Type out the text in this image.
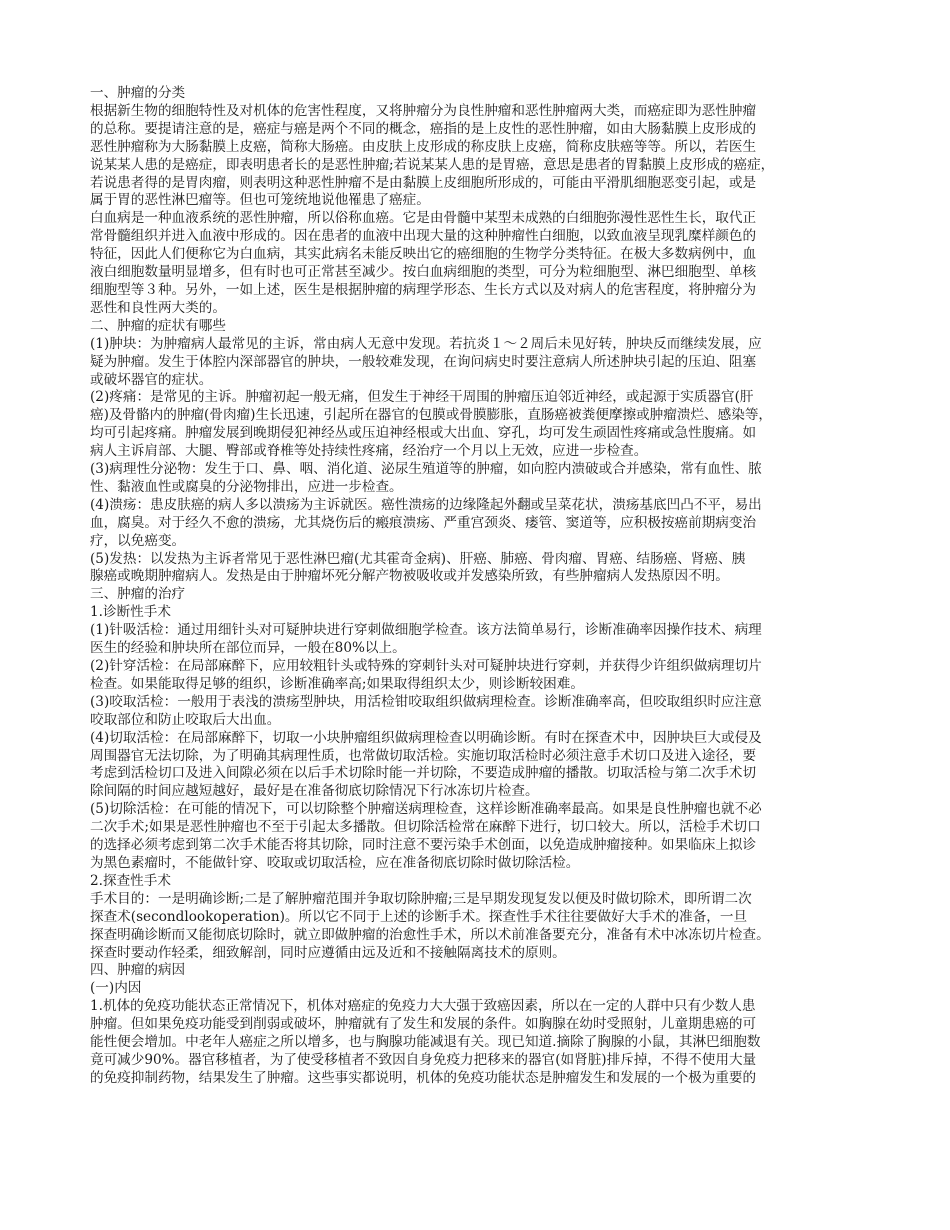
一、肿瘤的分类
根据新生物的细胞特性及对机体的危害性程度，又将肿瘤分为良性肿瘤和恶性肿瘤两大类，而癌症即为恶性肿瘤
的总称。要提请注意的是，癌症与癌是两个不同的概念，癌指的是上皮性的恶性肿瘤，如由大肠黏膜上皮形成的
恶性肿瘤称为大肠黏膜上皮癌，简称大肠癌。由皮肤上皮形成的称皮肤上皮癌，简称皮肤癌等等。所以，若医生
说某某人患的是癌症，即表明患者长的是恶性肿瘤;若说某某人患的是胃癌，意思是患者的胃黏膜上皮形成的癌症，
若说患者得的是胃肉瘤，则表明这种恶性肿瘤不是由黏膜上皮细胞所形成的，可能由平滑肌细胞恶变引起，或是
属于胃的恶性淋巴瘤等。但也可笼统地说他罹患了癌症。
白血病是一种血液系统的恶性肿瘤，所以俗称血癌。它是由骨髓中某型未成熟的白细胞弥漫性恶性生长，取代正
常骨髓组织并进入血液中形成的。因在患者的血液中出现大量的这种肿瘤性白细胞，以致血液呈现乳糜样颜色的
特征，因此人们便称它为白血病，其实此病名未能反映出它的癌细胞的生物学分类特征。在极大多数病例中，血
液白细胞数量明显增多，但有时也可正常甚至减少。按白血病细胞的类型，可分为粒细胞型、淋巴细胞型、单核
细胞型等３种。另外，一如上述，医生是根据肿瘤的病理学形态、生长方式以及对病人的危害程度，将肿瘤分为
恶性和良性两大类的。
二、肿瘤的症状有哪些
(1)肿块：为肿瘤病人最常见的主诉，常由病人无意中发现。若抗炎１～２周后未见好转，肿块反而继续发展，应
疑为肿瘤。发生于体腔内深部器官的肿块，一般较难发现，在询问病史时要注意病人所述肿块引起的压迫、阻塞
或破坏器官的症状。
(2)疼痛：是常见的主诉。肿瘤初起一般无痛，但发生于神经干周围的肿瘤压迫邻近神经，或起源于实质器官(肝
癌)及骨骼内的肿瘤(骨肉瘤)生长迅速，引起所在器官的包膜或骨膜膨胀，直肠癌被粪便摩擦或肿瘤溃烂、感染等，
均可引起疼痛。肿瘤发展到晚期侵犯神经丛或压迫神经根或大出血、穿孔，均可发生顽固性疼痛或急性腹痛。如
病人主诉肩部、大腿、臀部或脊椎等处持续性疼痛，经治疗一个月以上无效，应进一步检查。
(3)病理性分泌物：发生于口、鼻、咽、消化道、泌尿生殖道等的肿瘤，如向腔内溃破或合并感染，常有血性、脓
性、黏液血性或腐臭的分泌物排出，应进一步检查。
(4)溃疡：患皮肤癌的病人多以溃疡为主诉就医。癌性溃疡的边缘隆起外翻或呈菜花状，溃疡基底凹凸不平，易出
血，腐臭。对于经久不愈的溃疡，尤其烧伤后的瘢痕溃疡、严重宫颈炎、瘘管、窦道等，应积极按癌前期病变治
疗，以免癌变。
(5)发热：以发热为主诉者常见于恶性淋巴瘤(尤其霍奇金病)、肝癌、肺癌、骨肉瘤、胃癌、结肠癌、肾癌、胰
腺癌或晚期肿瘤病人。发热是由于肿瘤坏死分解产物被吸收或并发感染所致，有些肿瘤病人发热原因不明。
三、肿瘤的治疗
1.诊断性手术
(1)针吸活检：通过用细针头对可疑肿块进行穿刺做细胞学检查。该方法简单易行，诊断准确率因操作技术、病理
医生的经验和肿块所在部位而异，一般在80%以上。
(2)针穿活检：在局部麻醉下，应用较粗针头或特殊的穿刺针头对可疑肿块进行穿刺，并获得少许组织做病理切片
检查。如果能取得足够的组织，诊断准确率高;如果取得组织太少，则诊断较困难。
(3)咬取活检：一般用于表浅的溃疡型肿块，用活检钳咬取组织做病理检查。诊断准确率高，但咬取组织时应注意
咬取部位和防止咬取后大出血。
(4)切取活检：在局部麻醉下，切取一小块肿瘤组织做病理检查以明确诊断。有时在探查术中，因肿块巨大或侵及
周围器官无法切除，为了明确其病理性质，也常做切取活检。实施切取活检时必须注意手术切口及进入途径，要
考虑到活检切口及进入间隙必须在以后手术切除时能一并切除，不要造成肿瘤的播散。切取活检与第二次手术切
除间隔的时间应越短越好，最好是在准备彻底切除情况下行冰冻切片检查。
(5)切除活检：在可能的情况下，可以切除整个肿瘤送病理检查，这样诊断准确率最高。如果是良性肿瘤也就不必
二次手术;如果是恶性肿瘤也不至于引起太多播散。但切除活检常在麻醉下进行，切口较大。所以，活检手术切口
的选择必须考虑到第二次手术能否将其切除，同时注意不要污染手术创面，以免造成肿瘤接种。如果临床上拟诊
为黑色素瘤时，不能做针穿、咬取或切取活检，应在准备彻底切除时做切除活检。
2.探查性手术
手术目的：一是明确诊断;二是了解肿瘤范围并争取切除肿瘤;三是早期发现复发以便及时做切除术，即所谓二次
探查术(secondlookoperation)。所以它不同于上述的诊断手术。探查性手术往往要做好大手术的准备，一旦
探查明确诊断而又能彻底切除时，就立即做肿瘤的治愈性手术，所以术前准备要充分，准备有术中冰冻切片检查。
探查时要动作轻柔，细致解剖，同时应遵循由远及近和不接触隔离技术的原则。
四、肿瘤的病因
(一)内因
1.机体的免疫功能状态正常情况下，机体对癌症的免疫力大大强于致癌因素，所以在一定的人群中只有少数人患
肿瘤。但如果免疫功能受到削弱或破坏，肿瘤就有了发生和发展的条件。如胸腺在幼时受照射，儿童期患癌的可
能性便会增加。中老年人癌症之所以增多，也与胸腺功能减退有关。现已知道.摘除了胸腺的小鼠，其淋巴细胞数
竟可减少90%。器官移植者，为了使受移植者不致因自身免疫力把移来的器官(如肾脏)排斥掉，不得不使用大量
的免疫抑制药物，结果发生了肿瘤。这些事实都说明，机体的免疫功能状态是肿瘤发生和发展的一个极为重要的
